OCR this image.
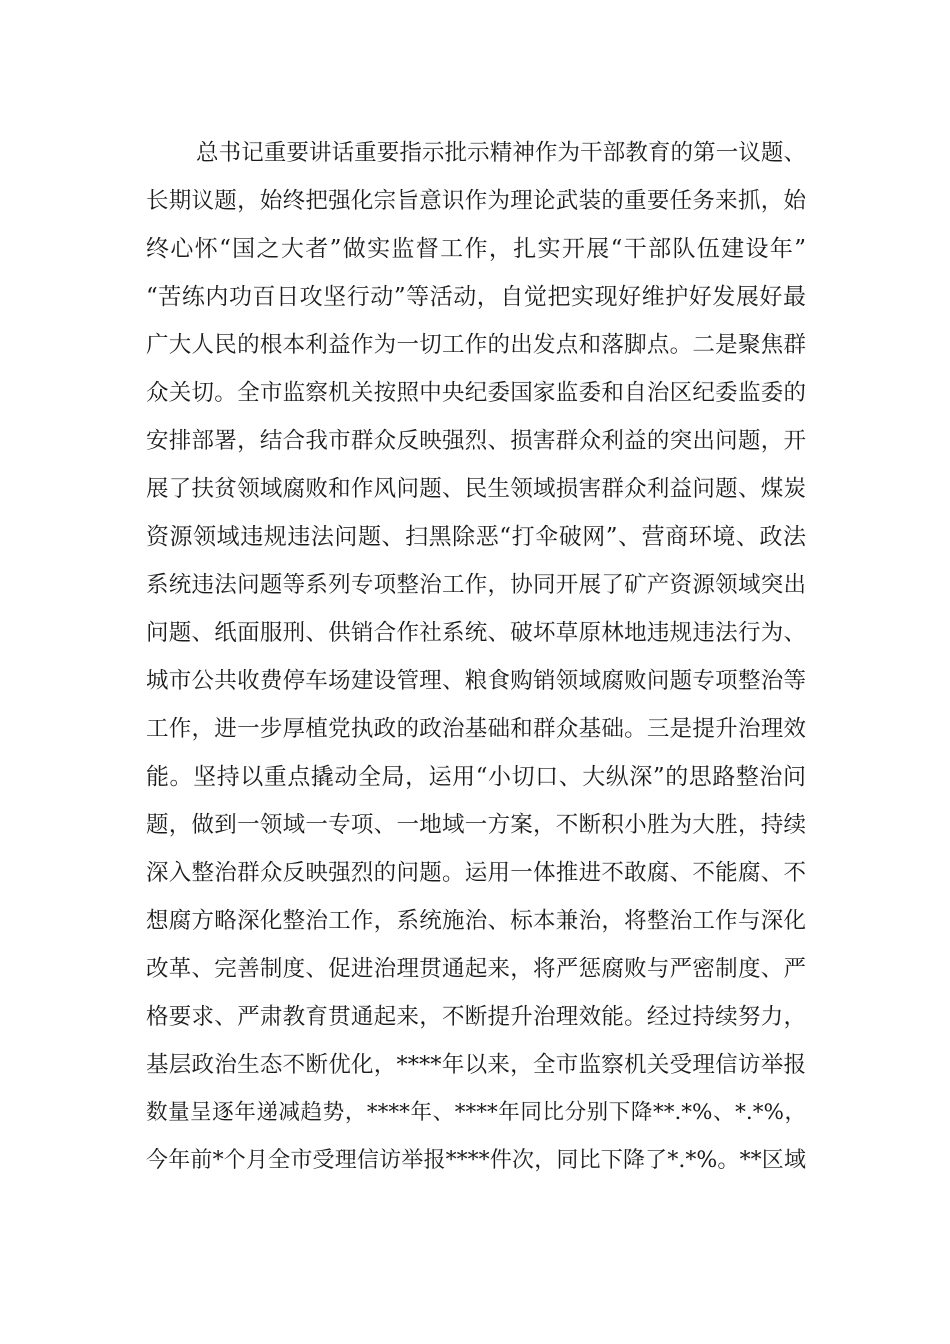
总书记重要讲话重要指示批示精神作为干部教育的第一议题、
长期议题，始终把强化宗旨意识作为理论武装的重要任务来抓，始
终心怀“国之大者”做实监督工作，扎实开展“干部队伍建设年”
“苦练内功百日攻坚行动”等活动，自觉把实现好维护好发展好最
广大人民的根本利益作为一切工作的出发点和落脚点。二是聚焦群
众关切。全市监察机关按照中央纪委国家监委和自治区纪委监委的
安排部署，结合我市群众反映强烈、损害群众利益的突出问题，开
展了扶贫领域腐败和作风问题、民生领域损害群众利益问题、煤炭
资源领域违规违法问题、扫黑除恶“打伞破网”、营商环境、政法
系统违法问题等系列专项整治工作，协同开展了矿产资源领域突出
问题、纸面服刑、供销合作社系统、破坏草原林地违规违法行为、
城市公共收费停车场建设管理、粮食购销领域腐败问题专项整治等
工作，进一步厚植党执政的政治基础和群众基础。三是提升治理效
能。坚持以重点撬动全局，运用“小切口、大纵深”的思路整治问
题，做到一领域一专项、一地域一方案，不断积小胜为大胜，持续
深入整治群众反映强烈的问题。运用一体推进不敢腐、不能腐、不
想腐方略深化整治工作，系统施治、标本兼治，将整治工作与深化
改革、完善制度、促进治理贯通起来，将严惩腐败与严密制度、严
格要求、严肃教育贯通起来，不断提升治理效能。经过持续努力，
基层政治生态不断优化，****年以来，全市监察机关受理信访举报
数量呈逐年递减趋势，****年、****年同比分别下降**.*%、*.*%，
今年前*个月全市受理信访举报****件次，同比下降了*.*%。**区域
